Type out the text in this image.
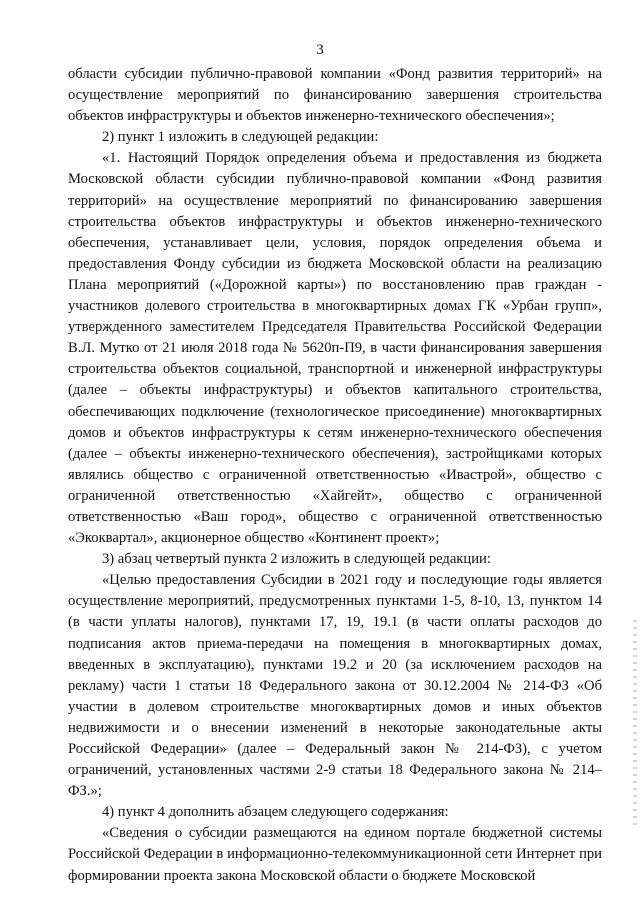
3

области субсидии публично-правовой компании «Фонд развития территорий» на осуществление мероприятий по финансированию завершения строительства объектов инфраструктуры и объектов инженерно-технического обеспечения»;

2) пункт 1 изложить в следующей редакции:

«1. Настоящий Порядок определения объема и предоставления из бюджета Московской области субсидии публично-правовой компании «Фонд развития территорий» на осуществление мероприятий по финансированию завершения строительства объектов инфраструктуры и объектов инженерно-технического обеспечения, устанавливает цели, условия, порядок определения объема и предоставления Фонду субсидии из бюджета Московской области на реализацию Плана мероприятий («Дорожной карты») по восстановлению прав граждан - участников долевого строительства в многоквартирных домах ГК «Урбан групп», утвержденного заместителем Председателя Правительства Российской Федерации В.Л. Мутко от 21 июля 2018 года № 5620п-П9, в части финансирования завершения строительства объектов социальной, транспортной и инженерной инфраструктуры (далее – объекты инфраструктуры) и объектов капитального строительства, обеспечивающих подключение (технологическое присоединение) многоквартирных домов и объектов инфраструктуры к сетям инженерно-технического обеспечения (далее – объекты инженерно-технического обеспечения), застройщиками которых являлись общество с ограниченной ответственностью «Ивастрой», общество с ограниченной ответственностью «Хайгейт», общество с ограниченной ответственностью «Ваш город», общество с ограниченной ответственностью «Экоквартал», акционерное общество «Континент проект»;

3) абзац четвертый пункта 2 изложить в следующей редакции:

«Целью предоставления Субсидии в 2021 году и последующие годы является осуществление мероприятий, предусмотренных пунктами 1-5, 8-10, 13, пунктом 14 (в части уплаты налогов), пунктами 17, 19, 19.1 (в части оплаты расходов до подписания актов приема-передачи на помещения в многоквартирных домах, введенных в эксплуатацию), пунктами 19.2 и 20 (за исключением расходов на рекламу) части 1 статьи 18 Федерального закона от 30.12.2004 № 214-ФЗ «Об участии в долевом строительстве многоквартирных домов и иных объектов недвижимости и о внесении изменений в некоторые законодательные акты Российской Федерации» (далее – Федеральный закон № 214-ФЗ), с учетом ограничений, установленных частями 2-9 статьи 18 Федерального закона № 214–ФЗ.»;

4) пункт 4 дополнить абзацем следующего содержания:

«Сведения о субсидии размещаются на едином портале бюджетной системы Российской Федерации в информационно-телекоммуникационной сети Интернет при формировании проекта закона Московской области о бюджете Московской
